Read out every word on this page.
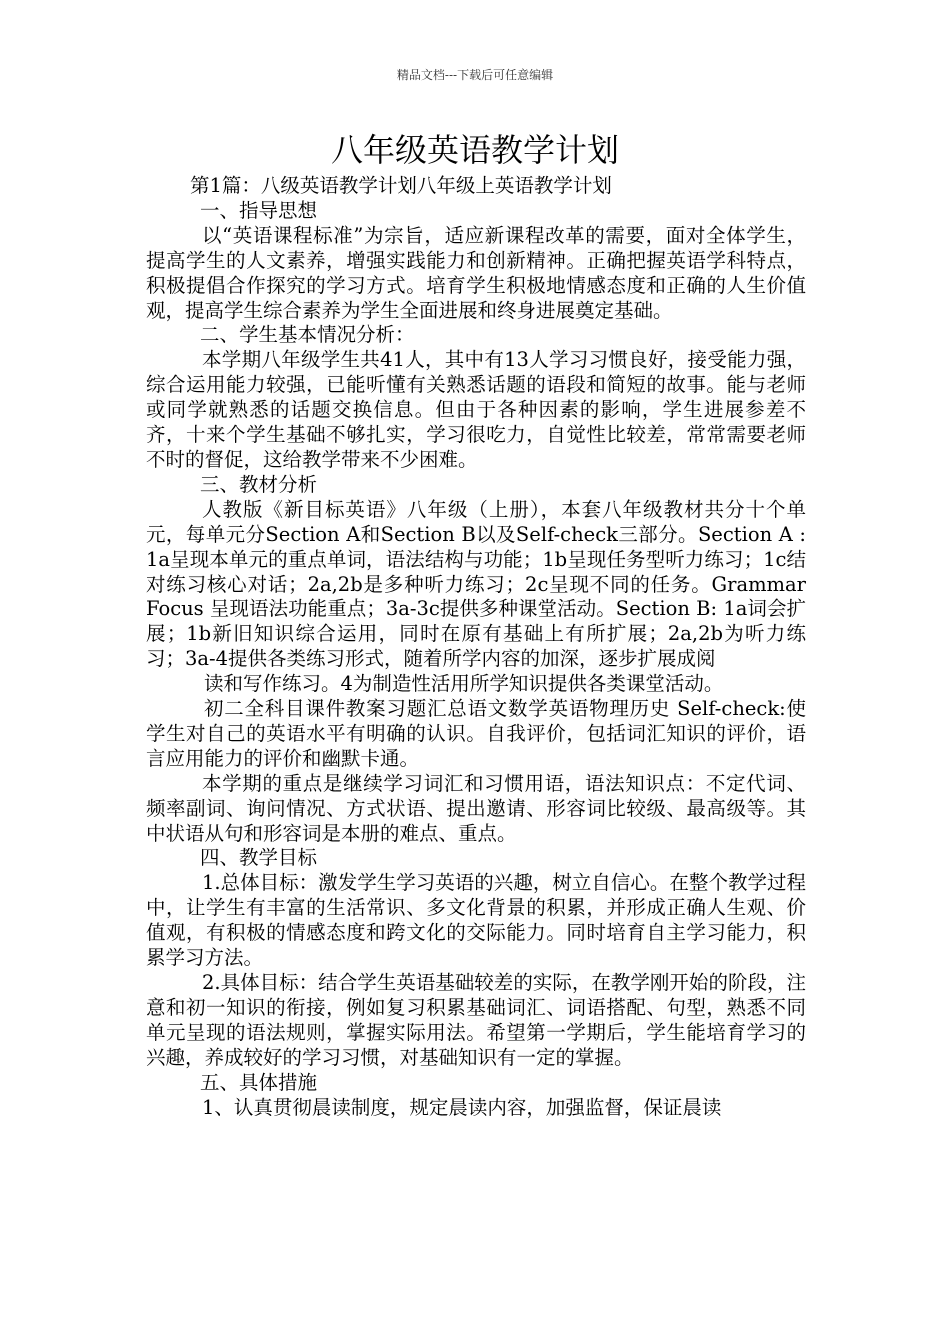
精品文档---下载后可任意编辑
八年级英语教学计划

第1篇：八级英语教学计划八年级上英语教学计划

一、指导思想

以“英语课程标准”为宗旨，适应新课程改革的需要，面对全体学生，提高学生的人文素养，增强实践能力和创新精神。正确把握英语学科特点，积极提倡合作探究的学习方式。培育学生积极地情感态度和正确的人生价值观，提高学生综合素养为学生全面进展和终身进展奠定基础。

二、学生基本情况分析：

本学期八年级学生共41人，其中有13人学习习惯良好，接受能力强，综合运用能力较强，已能听懂有关熟悉话题的语段和简短的故事。能与老师或同学就熟悉的话题交换信息。但由于各种因素的影响，学生进展参差不齐，十来个学生基础不够扎实，学习很吃力，自觉性比较差，常常需要老师不时的督促，这给教学带来不少困难。

三、教材分析

人教版《新目标英语》八年级（上册），本套八年级教材共分十个单元，每单元分Section A和Section B以及Self-check三部分。Section A : 1a呈现本单元的重点单词，语法结构与功能；1b呈现任务型听力练习；1c结对练习核心对话；2a,2b是多种听力练习；2c呈现不同的任务。Grammar Focus 呈现语法功能重点；3a-3c提供多种课堂活动。Section B: 1a词会扩展；1b新旧知识综合运用，同时在原有基础上有所扩展；2a,2b为听力练习；3a-4提供各类练习形式，随着所学内容的加深，逐步扩展成阅

读和写作练习。4为制造性活用所学知识提供各类课堂活动。

初二全科目课件教案习题汇总语文数学英语物理历史 Self-check:使学生对自己的英语水平有明确的认识。自我评价，包括词汇知识的评价，语言应用能力的评价和幽默卡通。

本学期的重点是继续学习词汇和习惯用语，语法知识点：不定代词、频率副词、询问情况、方式状语、提出邀请、形容词比较级、最高级等。其中状语从句和形容词是本册的难点、重点。

四、教学目标

1.总体目标：激发学生学习英语的兴趣，树立自信心。在整个教学过程中，让学生有丰富的生活常识、多文化背景的积累，并形成正确人生观、价值观，有积极的情感态度和跨文化的交际能力。同时培育自主学习能力，积累学习方法。

2.具体目标：结合学生英语基础较差的实际，在教学刚开始的阶段，注意和初一知识的衔接，例如复习积累基础词汇、词语搭配、句型，熟悉不同单元呈现的语法规则，掌握实际用法。希望第一学期后，学生能培育学习的兴趣，养成较好的学习习惯，对基础知识有一定的掌握。

五、具体措施

1、认真贯彻晨读制度，规定晨读内容，加强监督，保证晨读
